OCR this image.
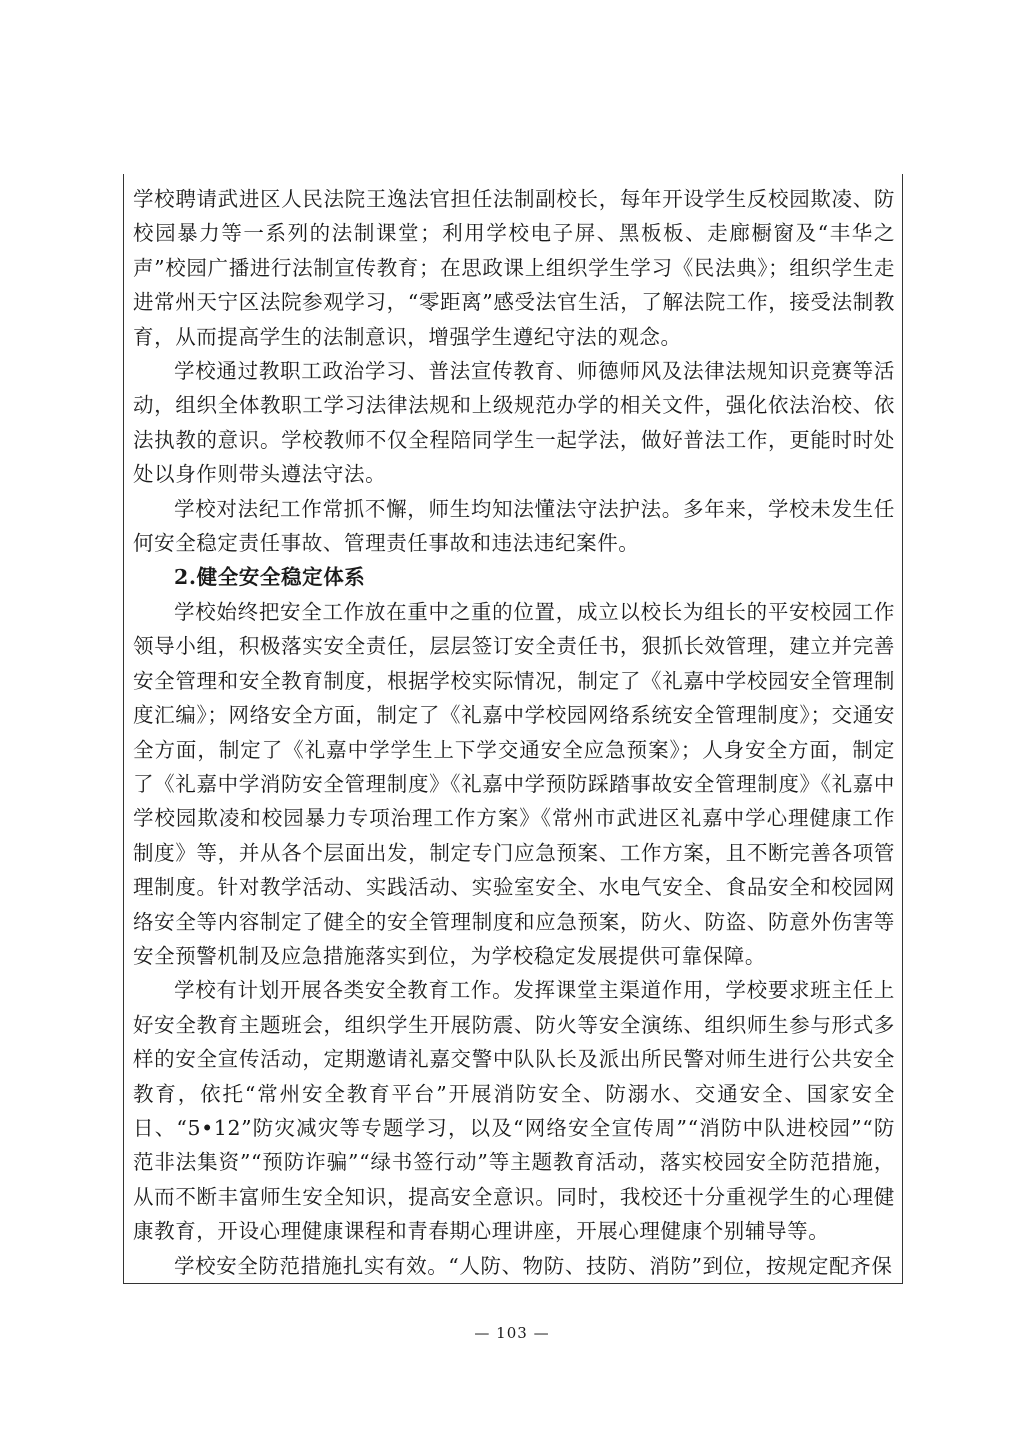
学校聘请武进区人民法院王逸法官担任法制副校长，每年开设学生反校园欺凌、防校园暴力等一系列的法制课堂；利用学校电子屏、黑板板、走廊橱窗及“丰华之声”校园广播进行法制宣传教育；在思政课上组织学生学习《民法典》；组织学生走进常州天宁区法院参观学习，“零距离”感受法官生活，了解法院工作，接受法制教育，从而提高学生的法制意识，增强学生遵纪守法的观念。

学校通过教职工政治学习、普法宣传教育、师德师风及法律法规知识竞赛等活动，组织全体教职工学习法律法规和上级规范办学的相关文件，强化依法治校、依法执教的意识。学校教师不仅全程陪同学生一起学法，做好普法工作，更能时时处处以身作则带头遵法守法。

学校对法纪工作常抓不懈，师生均知法懂法守法护法。多年来，学校未发生任何安全稳定责任事故、管理责任事故和违法违纪案件。

2.健全安全稳定体系

学校始终把安全工作放在重中之重的位置，成立以校长为组长的平安校园工作领导小组，积极落实安全责任，层层签订安全责任书，狠抓长效管理，建立并完善安全管理和安全教育制度，根据学校实际情况，制定了《礼嘉中学校园安全管理制度汇编》；网络安全方面，制定了《礼嘉中学校园网络系统安全管理制度》；交通安全方面，制定了《礼嘉中学学生上下学交通安全应急预案》；人身安全方面，制定了《礼嘉中学消防安全管理制度》《礼嘉中学预防踩踏事故安全管理制度》《礼嘉中学校园欺凌和校园暴力专项治理工作方案》《常州市武进区礼嘉中学心理健康工作制度》等，并从各个层面出发，制定专门应急预案、工作方案，且不断完善各项管理制度。针对教学活动、实践活动、实验室安全、水电气安全、食品安全和校园网络安全等内容制定了健全的安全管理制度和应急预案，防火、防盗、防意外伤害等安全预警机制及应急措施落实到位，为学校稳定发展提供可靠保障。

学校有计划开展各类安全教育工作。发挥课堂主渠道作用，学校要求班主任上好安全教育主题班会，组织学生开展防震、防火等安全演练、组织师生参与形式多样的安全宣传活动，定期邀请礼嘉交警中队队长及派出所民警对师生进行公共安全教育，依托“常州安全教育平台”开展消防安全、防溺水、交通安全、国家安全日、“5•12”防灾减灾等专题学习，以及“网络安全宣传周”“消防中队进校园”“防范非法集资”“预防诈骗”“绿书签行动”等主题教育活动，落实校园安全防范措施，从而不断丰富师生安全知识，提高安全意识。同时，我校还十分重视学生的心理健康教育，开设心理健康课程和青春期心理讲座，开展心理健康个别辅导等。

学校安全防范措施扎实有效。“人防、物防、技防、消防”到位，按规定配齐保

— 103 —
